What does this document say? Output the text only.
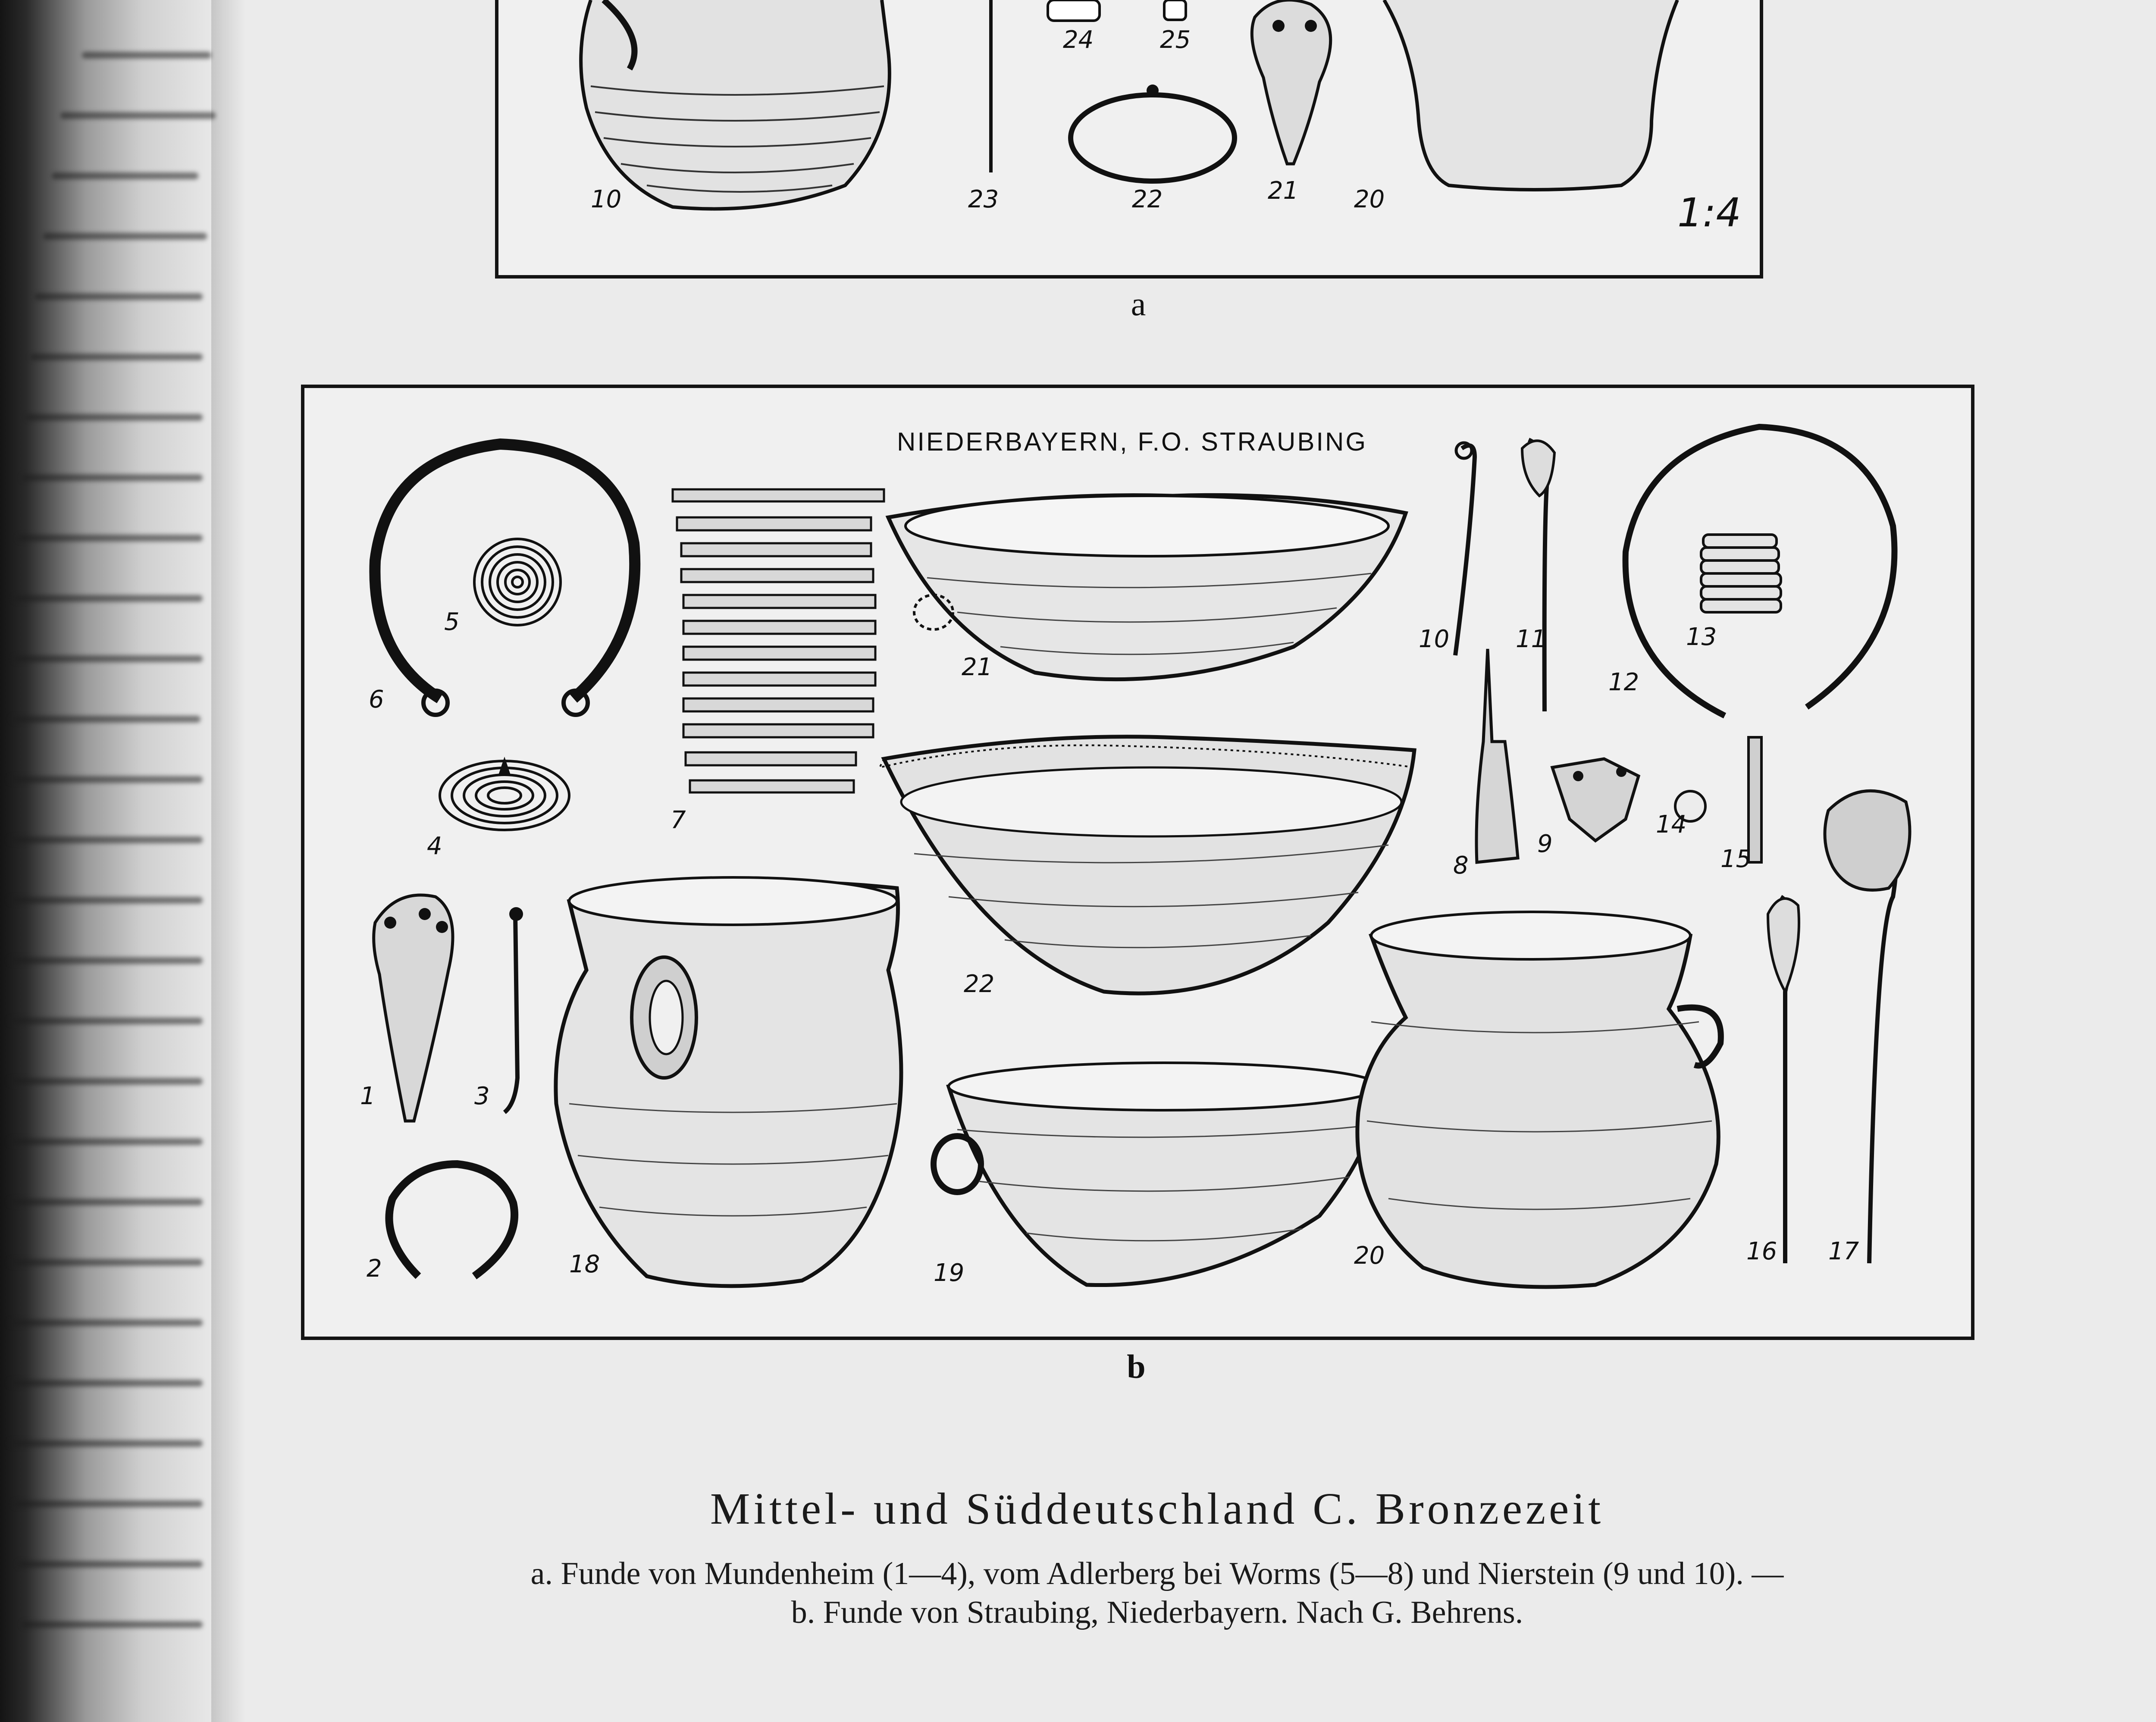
24	25
10	23	22	21 20	1:4
a
NIEDERBAYERN, F.O. STRAUBING
5
6
4
7
21
10	11
12
13
8
9
14
15
22
1	3
2	18	19
20	16 17
b
Mittel- und Süddeutschland C. Bronzezeit
a. Funde von Mundenheim (1—4), vom Adlerberg bei Worms (5—8) und Nierstein (9 und 10). —
b. Funde von Straubing, Niederbayern. Nach G. Behrens.
